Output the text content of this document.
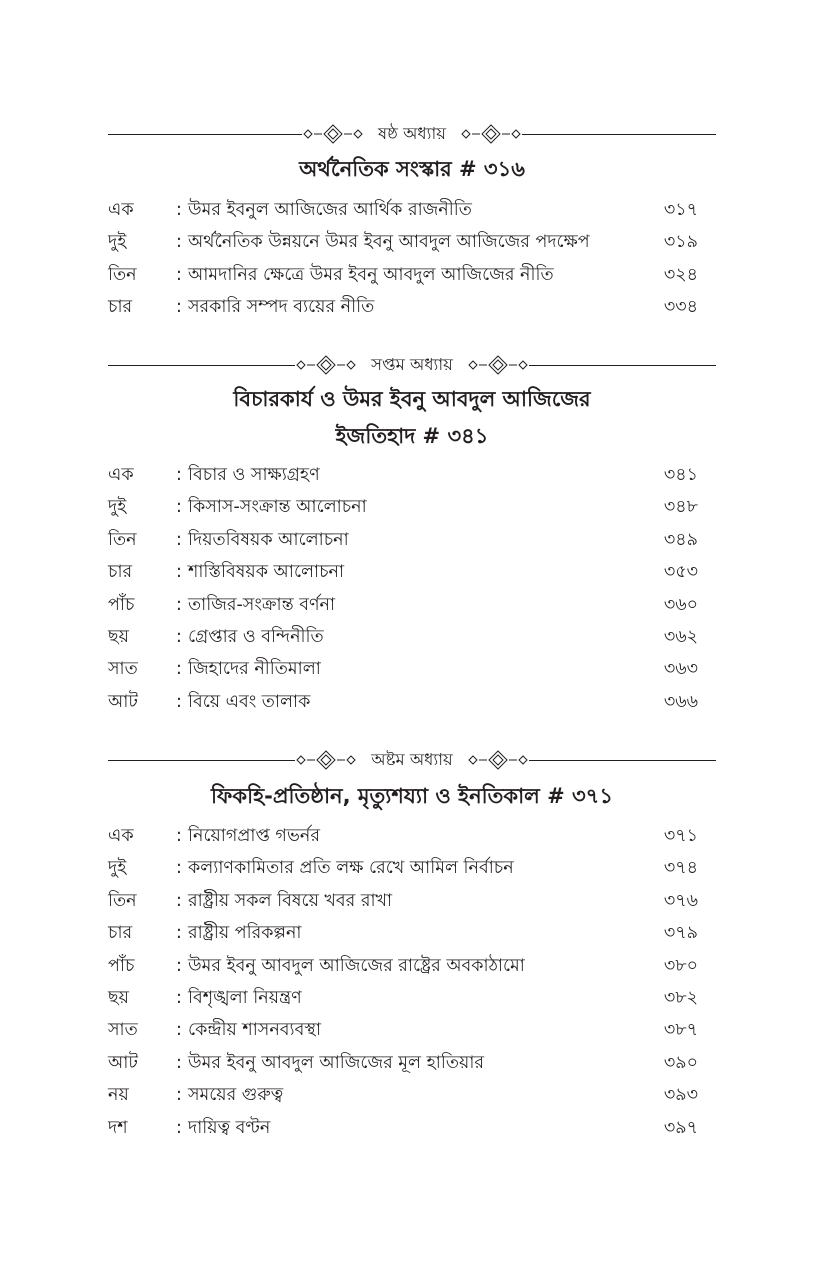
ষষ্ঠ অধ্যায়
অর্থনৈতিক সংস্কার # ৩১৬
এক : উমর ইবনুল আজিজের আর্থিক রাজনীতি	৩১৭
দুই	: অর্থনৈতিক উন্নয়নে উমর ইবনু আবদুল আজিজের পদক্ষেপ	৩১৯
তিন : আমদানির ক্ষেত্রে উমর ইবনু আবদুল আজিজের নীতি	৩২৪
চার	: সরকারি সম্পদ ব্যয়ের নীতি	৩৩৪
সপ্তম অধ্যায়
বিচারকার্য ও উমর ইবনু আবদুল আজিজের
ইজতিহাদ # ৩৪১
এক : বিচার ও সাক্ষ্যগ্রহণ	৩৪১
দুই	: কিসাস-সংক্রান্ত আলোচনা	৩৪৮
তিন : দিয়তবিষয়ক আলোচনা	৩৪৯
চার	: শাস্তিবিষয়ক আলোচনা	৩৫৩
পাঁচ : তাজির-সংক্রান্ত বর্ণনা	৩৬০
ছয়	: গ্রেপ্তার ও বন্দিনীতি	৩৬২
সাত : জিহাদের নীতিমালা	৩৬৩
আট : বিয়ে এবং তালাক	৩৬৬
অষ্টম অধ্যায়
ফিকহি-প্রতিষ্ঠান, মৃত্যুশয্যা ও ইনতিকাল # ৩৭১
এক : নিয়োগপ্রাপ্ত গভর্নর	৩৭১
দুই	: কল্যাণকামিতার প্রতি লক্ষ রেখে আমিল নির্বাচন	৩৭৪
তিন : রাষ্ট্রীয় সকল বিষয়ে খবর রাখা	৩৭৬
চার	: রাষ্ট্রীয় পরিকল্পনা	৩৭৯
পাঁচ : উমর ইবনু আবদুল আজিজের রাষ্ট্রের অবকাঠামো	৩৮০
ছয়	: বিশৃঙ্খলা নিয়ন্ত্রণ	৩৮২
সাত : কেন্দ্রীয় শাসনব্যবস্থা	৩৮৭
আট : উমর ইবনু আবদুল আজিজের মূল হাতিয়ার	৩৯০
নয়	: সময়ের গুরুত্ব	৩৯৩
দশ	: দায়িত্ব বণ্টন	৩৯৭
